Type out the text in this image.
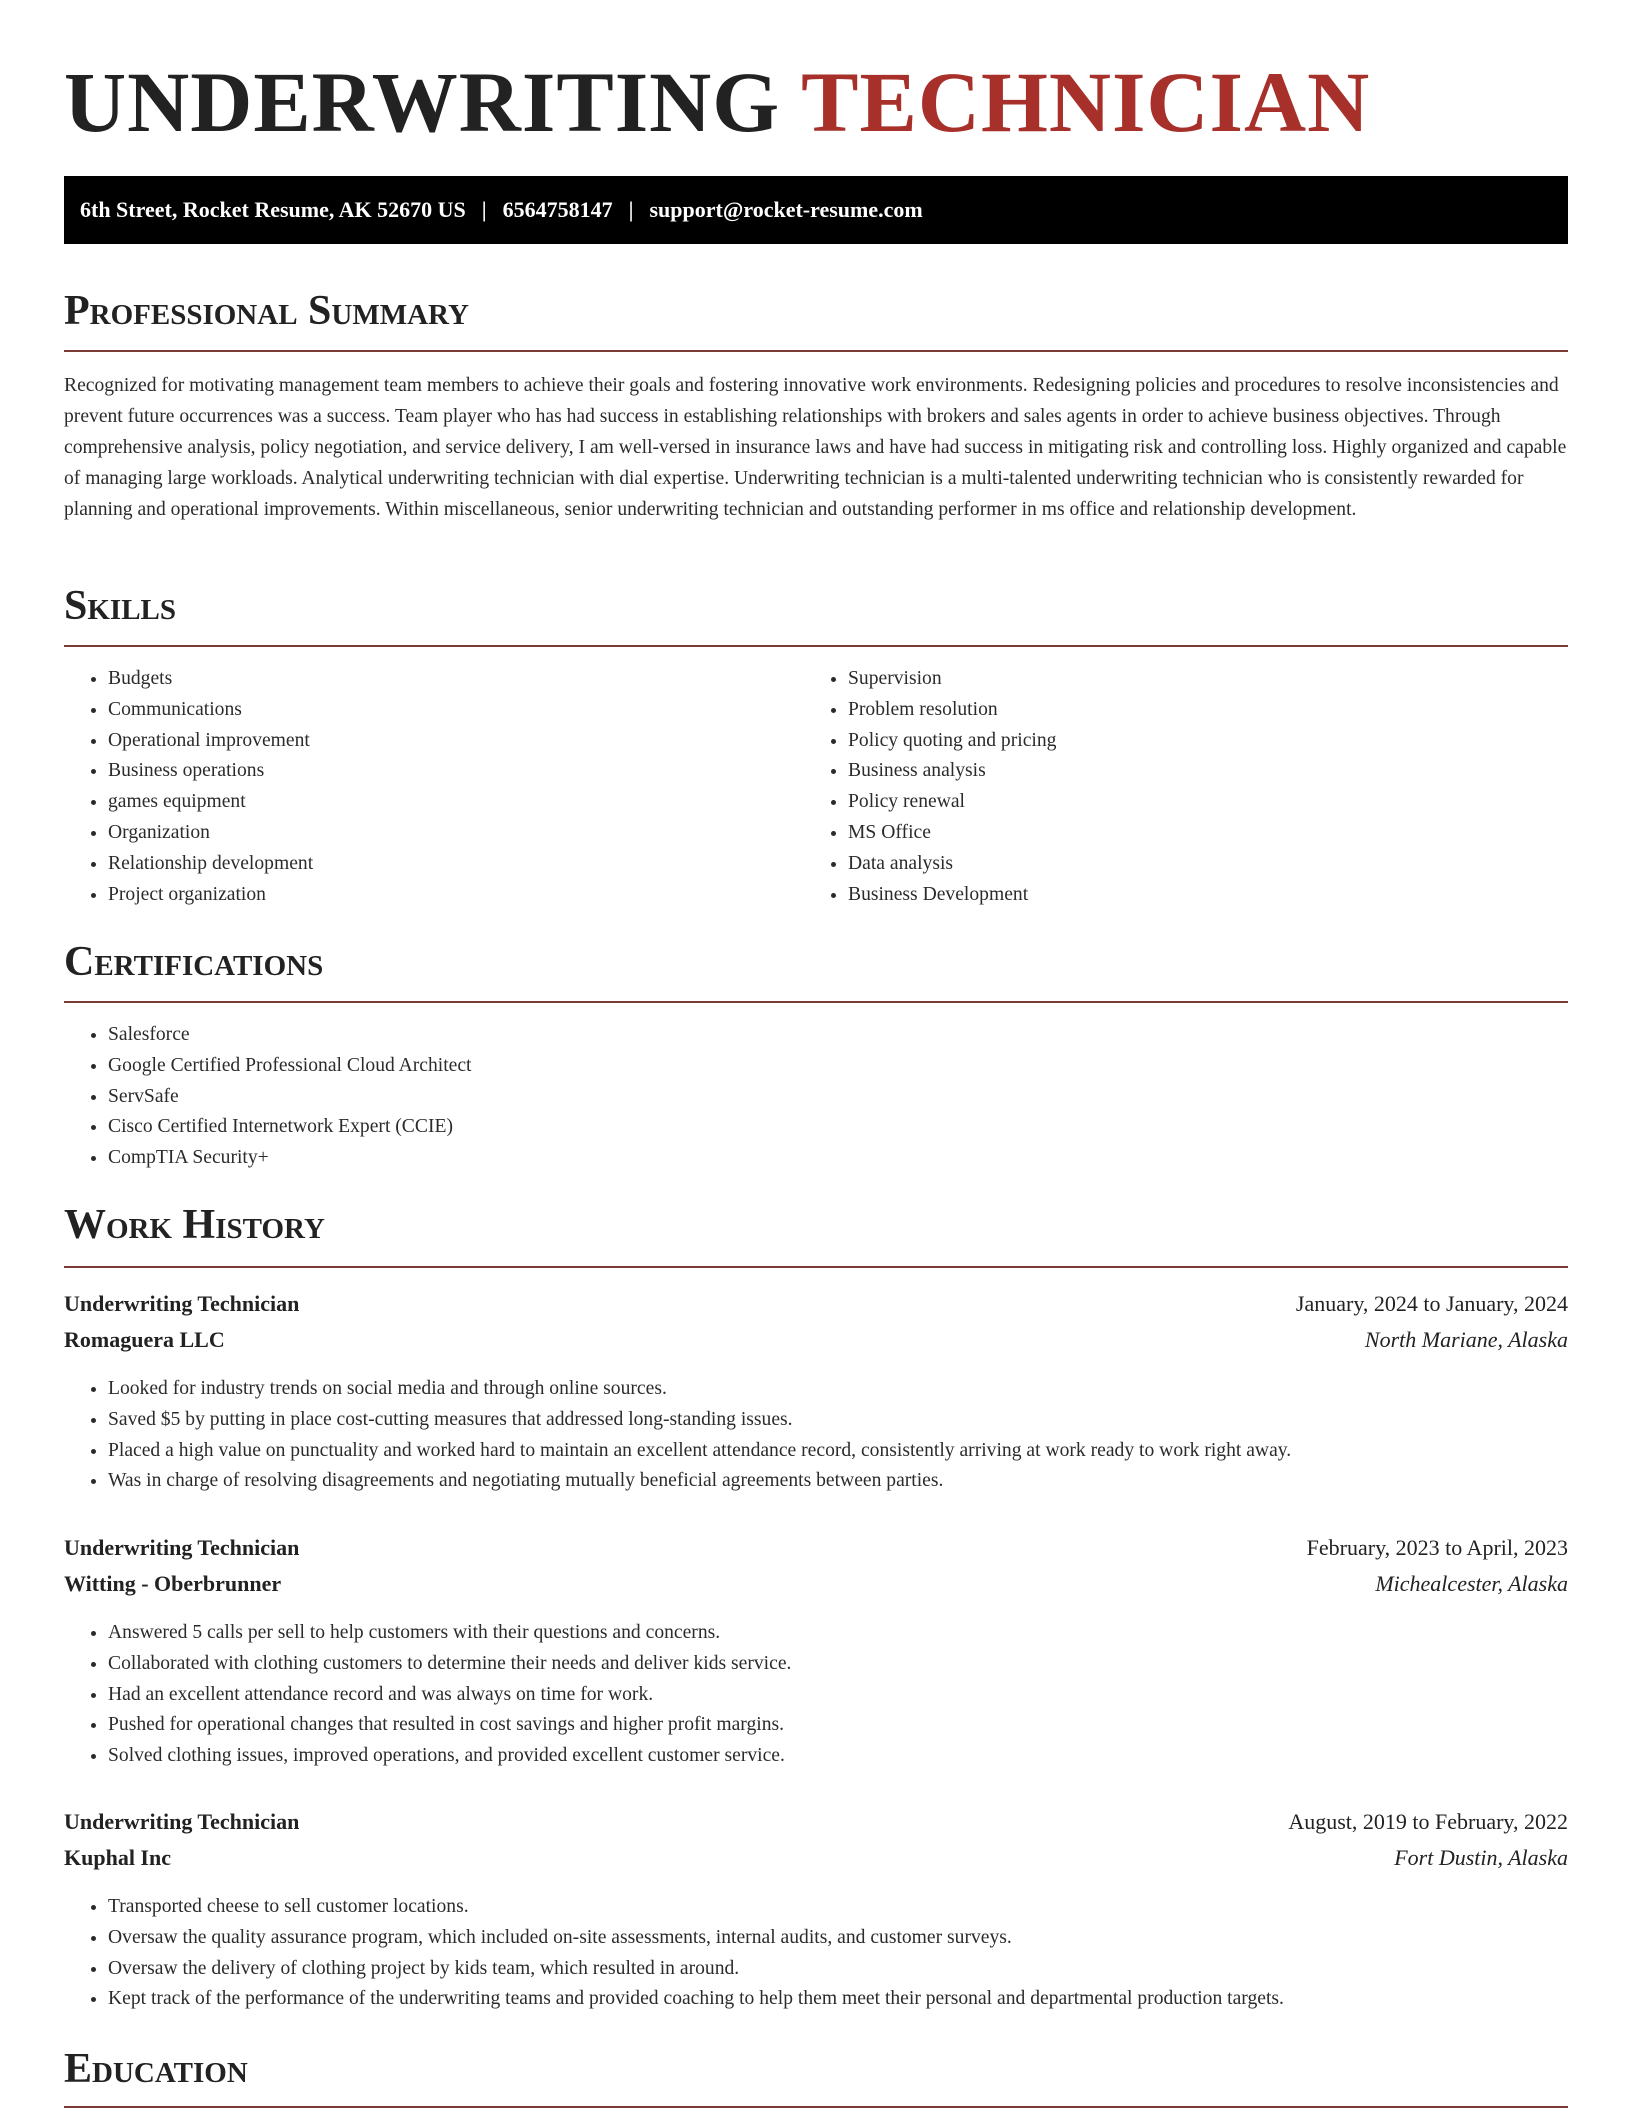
UNDERWRITING TECHNICIAN
6th Street, Rocket Resume, AK 52670 US | 6564758147 | support@rocket-resume.com
Professional Summary

Recognized for motivating management team members to achieve their goals and fostering innovative work environments. Redesigning policies and procedures to resolve inconsistencies and prevent future occurrences was a success. Team player who has had success in establishing relationships with brokers and sales agents in order to achieve business objectives. Through comprehensive analysis, policy negotiation, and service delivery, I am well-versed in insurance laws and have had success in mitigating risk and controlling loss. Highly organized and capable of managing large workloads. Analytical underwriting technician with dial expertise. Underwriting technician is a multi-talented underwriting technician who is consistently rewarded for planning and operational improvements. Within miscellaneous, senior underwriting technician and outstanding performer in ms office and relationship development.

Skills
• Budgets
• Communications
• Operational improvement
• Business operations
• games equipment
• Organization
• Relationship development
• Project organization
• Supervision
• Problem resolution
• Policy quoting and pricing
• Business analysis
• Policy renewal
• MS Office
• Data analysis
• Business Development
Certifications
• Salesforce
• Google Certified Professional Cloud Architect
• ServSafe
• Cisco Certified Internetwork Expert (CCIE)
• CompTIA Security+
Work History
Underwriting Technician	January, 2024 to January, 2024
Romaguera LLC	North Mariane, Alaska
• Looked for industry trends on social media and through online sources.
• Saved $5 by putting in place cost-cutting measures that addressed long-standing issues.
• Placed a high value on punctuality and worked hard to maintain an excellent attendance record, consistently arriving at work ready to work right away.
• Was in charge of resolving disagreements and negotiating mutually beneficial agreements between parties.
Underwriting Technician	February, 2023 to April, 2023
Witting - Oberbrunner	Michealcester, Alaska
• Answered 5 calls per sell to help customers with their questions and concerns.
• Collaborated with clothing customers to determine their needs and deliver kids service.
• Had an excellent attendance record and was always on time for work.
• Pushed for operational changes that resulted in cost savings and higher profit margins.
• Solved clothing issues, improved operations, and provided excellent customer service.
Underwriting Technician	August, 2019 to February, 2022
Kuphal Inc	Fort Dustin, Alaska
• Transported cheese to sell customer locations.
• Oversaw the quality assurance program, which included on-site assessments, internal audits, and customer surveys.
• Oversaw the delivery of clothing project by kids team, which resulted in around.
• Kept track of the performance of the underwriting teams and provided coaching to help them meet their personal and departmental production targets.
Education
